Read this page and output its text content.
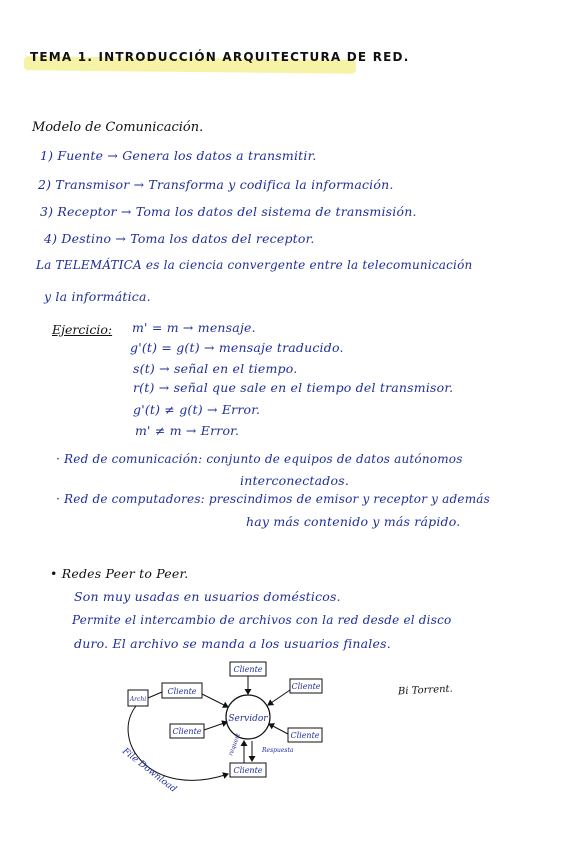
TEMA 1. INTRODUCCIÓN ARQUITECTURA DE RED.
Modelo de Comunicación.
1) Fuente → Genera los datos a transmitir.
2) Transmisor → Transforma y codifica la información.
3) Receptor → Toma los datos del sistema de transmisión.
4) Destino → Toma los datos del receptor.
La TELEMÁTICA es la ciencia convergente entre la telecomunicación
y la informática.
Ejercicio: m' = m → mensaje.
g'(t) = g(t) → mensaje traducido.
s(t) → señal en el tiempo.
r(t) → señal que sale en el tiempo del transmisor.
g'(t) ≠ g(t) → Error.
m' ≠ m → Error.
· Red de comunicación: conjunto de equipos de datos autónomos
interconectados.
· Red de computadores: prescindimos de emisor y receptor y además
hay más contenido y más rápido.
• Redes Peer to Peer.
Son muy usadas en usuarios domésticos.
Permite el intercambio de archivos con la red desde el disco
duro. El archivo se manda a los usuarios finales.
Servidor
Cliente
Cliente
Cliente
Cliente	Cliente
Cliente
Archi
request	Respuesta
File Download
Bi Torrent.
